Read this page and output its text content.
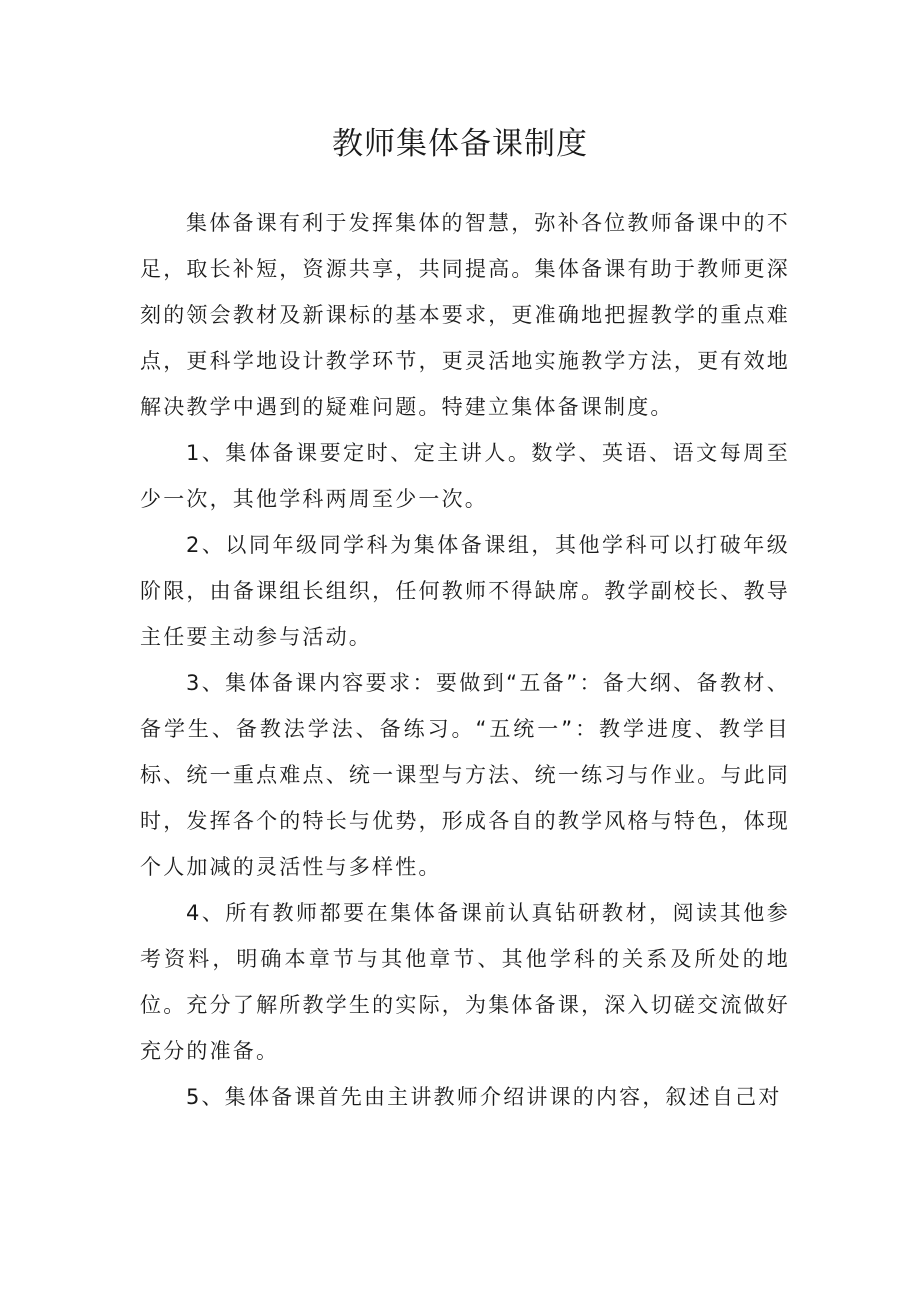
教师集体备课制度

集体备课有利于发挥集体的智慧，弥补各位教师备课中的不足，取长补短，资源共享，共同提高。集体备课有助于教师更深刻的领会教材及新课标的基本要求，更准确地把握教学的重点难点，更科学地设计教学环节，更灵活地实施教学方法，更有效地解决教学中遇到的疑难问题。特建立集体备课制度。

1、集体备课要定时、定主讲人。数学、英语、语文每周至少一次，其他学科两周至少一次。

2、以同年级同学科为集体备课组，其他学科可以打破年级阶限，由备课组长组织，任何教师不得缺席。教学副校长、教导主任要主动参与活动。

3、集体备课内容要求：要做到“五备”：备大纲、备教材、备学生、备教法学法、备练习。“五统一”：教学进度、教学目标、统一重点难点、统一课型与方法、统一练习与作业。与此同时，发挥各个的特长与优势，形成各自的教学风格与特色，体现个人加减的灵活性与多样性。

4、所有教师都要在集体备课前认真钻研教材，阅读其他参考资料，明确本章节与其他章节、其他学科的关系及所处的地位。充分了解所教学生的实际，为集体备课，深入切磋交流做好充分的准备。

5、集体备课首先由主讲教师介绍讲课的内容，叙述自己对
